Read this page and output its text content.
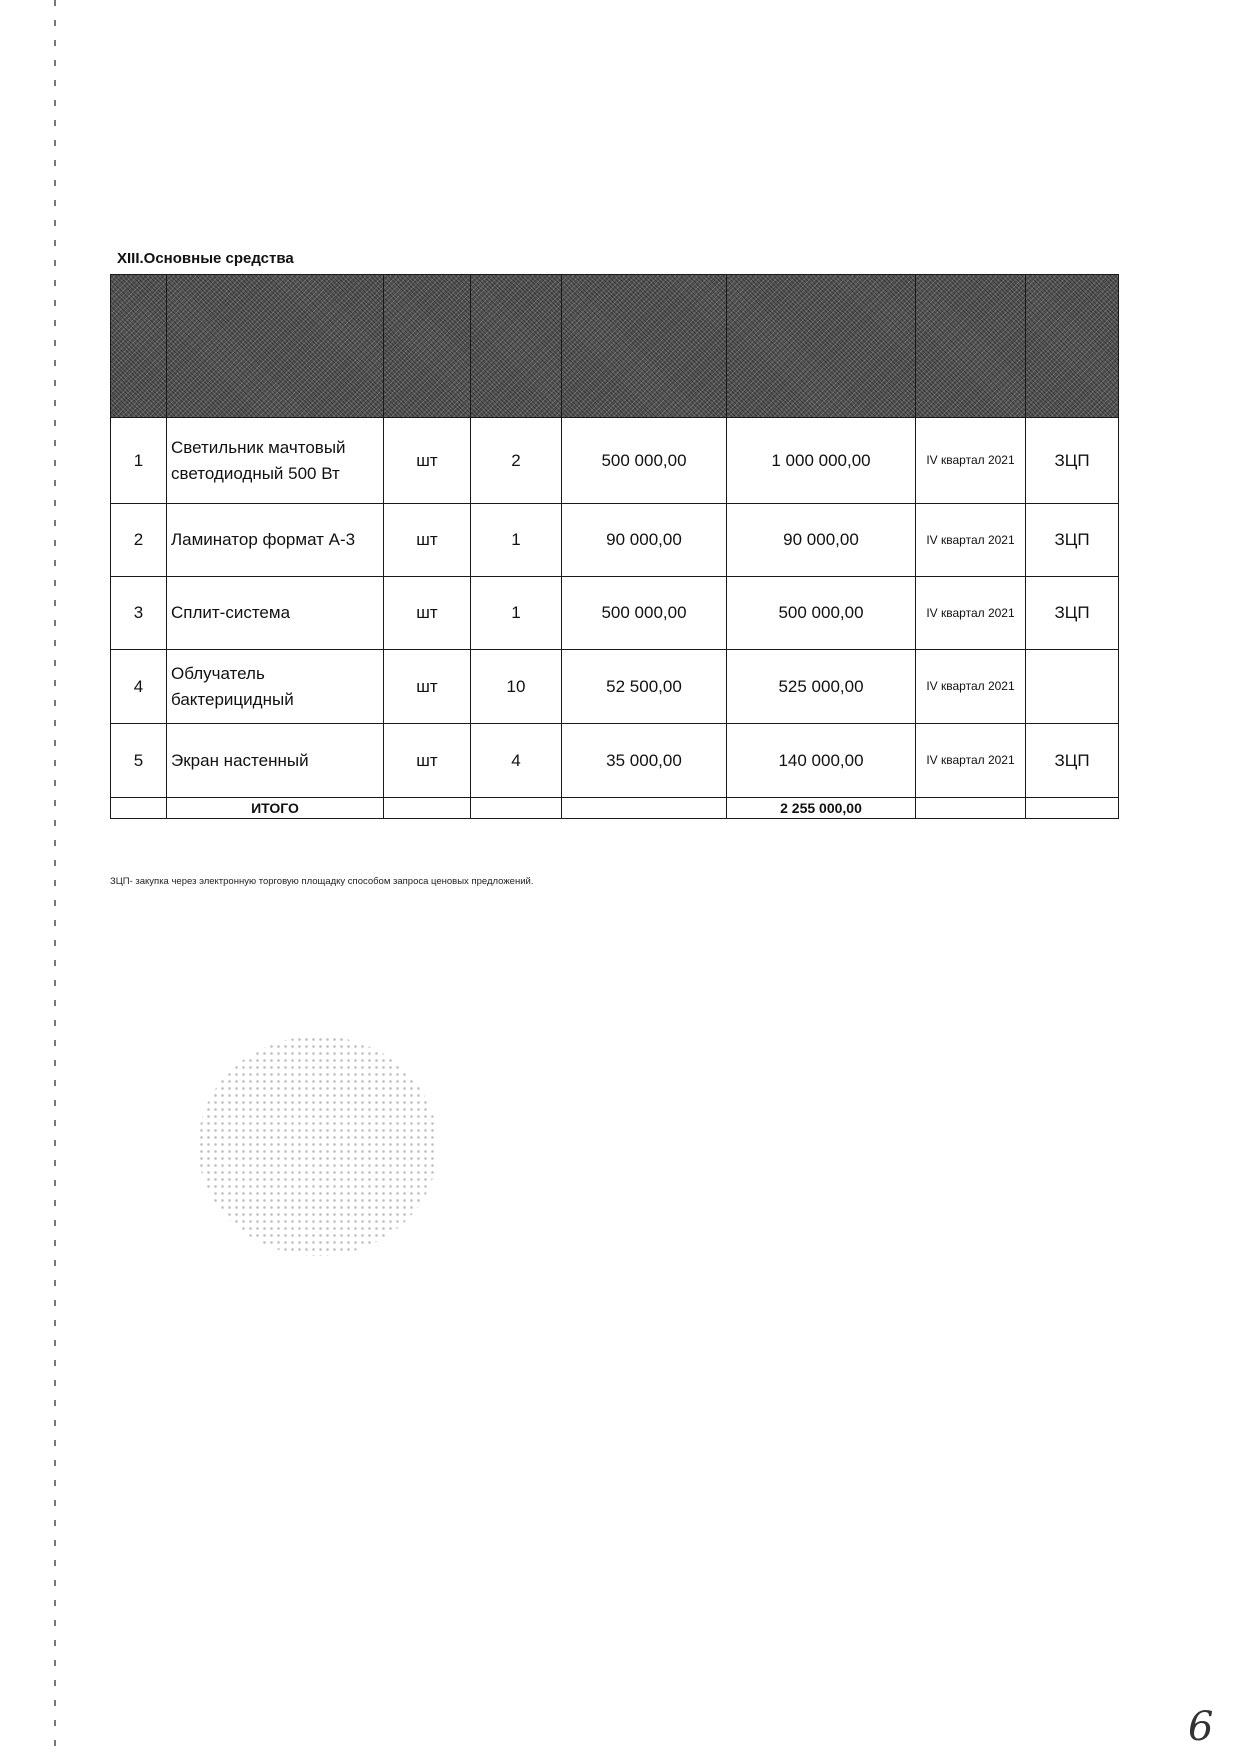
XIII.Основные средства

1	Светильник мачтовый светодиодный 500 Вт	шт	2	500 000,00	1 000 000,00	IV квартал 2021	ЗЦП
2	Ламинатор формат А-3	шт	1	90 000,00	90 000,00	IV квартал 2021	ЗЦП
3	Сплит-система	шт	1	500 000,00	500 000,00	IV квартал 2021	ЗЦП
4	Облучатель бактерицидный	шт	10	52 500,00	525 000,00	IV квартал 2021	
5	Экран настенный	шт	4	35 000,00	140 000,00	IV квартал 2021	ЗЦП
	ИТОГО				2 255 000,00		

ЗЦП- закупка через электронную торговую площадку способом запроса ценовых предложений.

6
